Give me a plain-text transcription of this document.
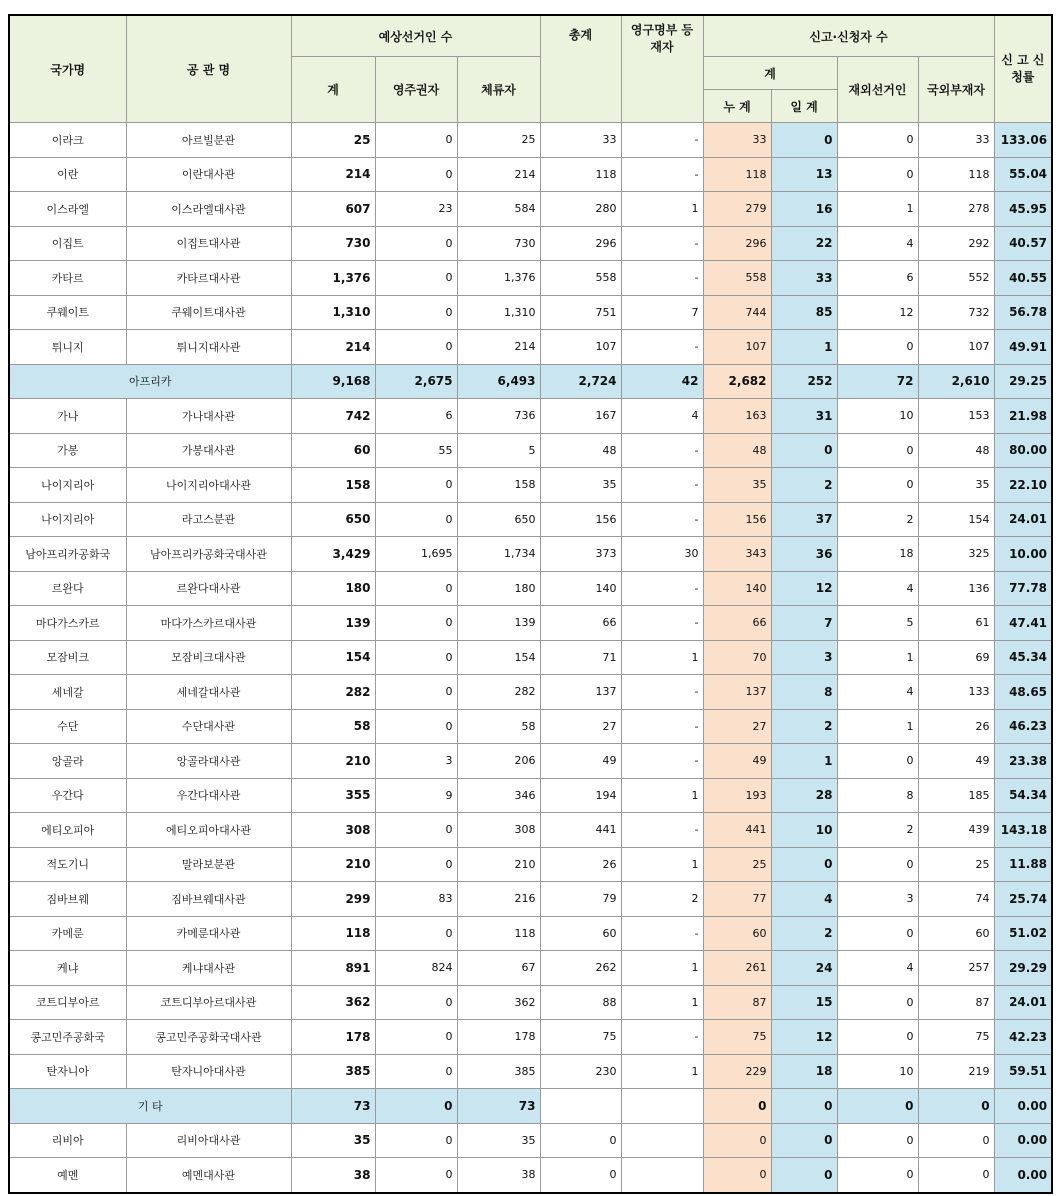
국가명	공 관 명	예상선거인 수			총계	영구명부 등재자	신고·신청자 수				신 고 신청률
		계	영주권자	체류자			계		재외선거인	국외부재자	
							누 계	일 계			
이라크	아르빌분관	25	0	25	33	-	33	0	0	33	133.06
이란	이란대사관	214	0	214	118	-	118	13	0	118	55.04
이스라엘	이스라엘대사관	607	23	584	280	1	279	16	1	278	45.95
이집트	이집트대사관	730	0	730	296	-	296	22	4	292	40.57
카타르	카타르대사관	1,376	0	1,376	558	-	558	33	6	552	40.55
쿠웨이트	쿠웨이트대사관	1,310	0	1,310	751	7	744	85	12	732	56.78
튀니지	튀니지대사관	214	0	214	107	-	107	1	0	107	49.91
아프리카		9,168	2,675	6,493	2,724	42	2,682	252	72	2,610	29.25
가나	가나대사관	742	6	736	167	4	163	31	10	153	21.98
가봉	가봉대사관	60	55	5	48	-	48	0	0	48	80.00
나이지리아	나이지리아대사관	158	0	158	35	-	35	2	0	35	22.10
나이지리아	라고스분관	650	0	650	156	-	156	37	2	154	24.01
남아프리카공화국	남아프리카공화국대사관	3,429	1,695	1,734	373	30	343	36	18	325	10.00
르완다	르완다대사관	180	0	180	140	-	140	12	4	136	77.78
마다가스카르	마다가스카르대사관	139	0	139	66	-	66	7	5	61	47.41
모잠비크	모잠비크대사관	154	0	154	71	1	70	3	1	69	45.34
세네갈	세네갈대사관	282	0	282	137	-	137	8	4	133	48.65
수단	수단대사관	58	0	58	27	-	27	2	1	26	46.23
앙골라	앙골라대사관	210	3	206	49	-	49	1	0	49	23.38
우간다	우간다대사관	355	9	346	194	1	193	28	8	185	54.34
에티오피아	에티오피아대사관	308	0	308	441	-	441	10	2	439	143.18
적도기니	말라보분관	210	0	210	26	1	25	0	0	25	11.88
짐바브웨	짐바브웨대사관	299	83	216	79	2	77	4	3	74	25.74
카메룬	카메룬대사관	118	0	118	60	-	60	2	0	60	51.02
케냐	케냐대사관	891	824	67	262	1	261	24	4	257	29.29
코트디부아르	코트디부아르대사관	362	0	362	88	1	87	15	0	87	24.01
콩고민주공화국	콩고민주공화국대사관	178	0	178	75	-	75	12	0	75	42.23
탄자니아	탄자니아대사관	385	0	385	230	1	229	18	10	219	59.51
기 타		73	0	73			0	0	0	0	0.00
리비아	리비아대사관	35	0	35	0		0	0	0	0	0.00
예멘	예멘대사관	38	0	38	0		0	0	0	0	0.00
